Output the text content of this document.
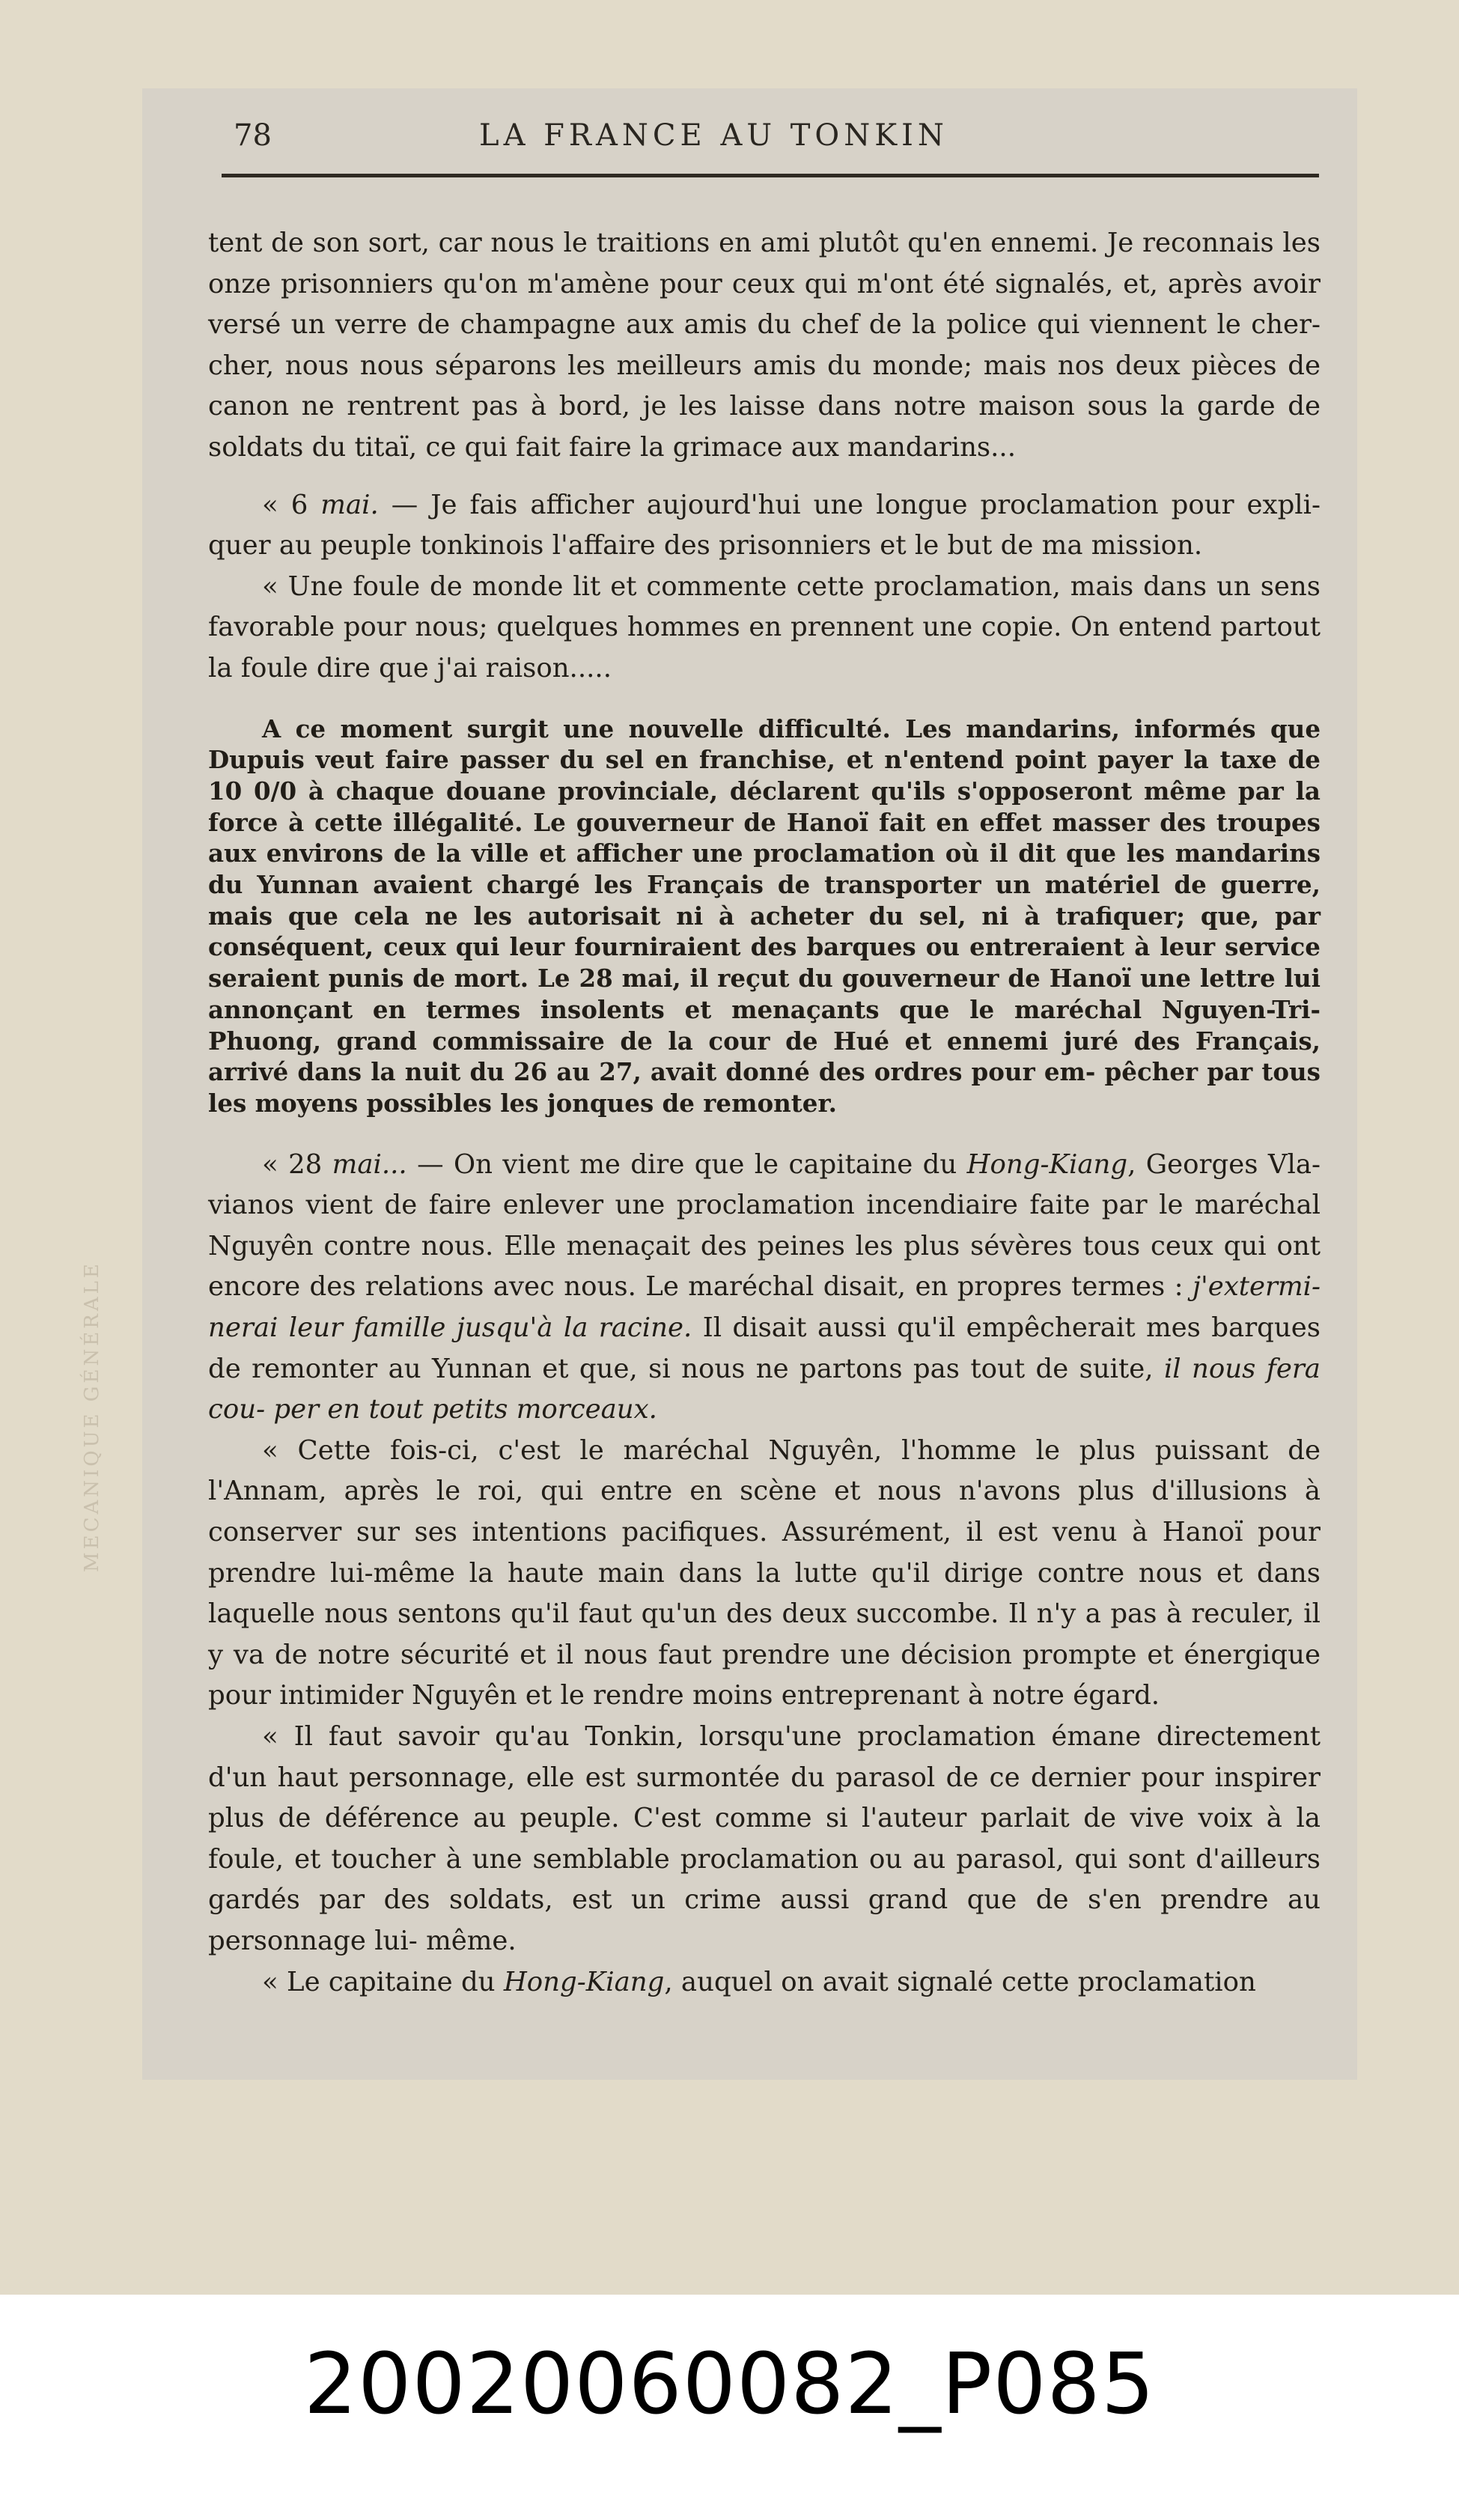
MECANIQUE GÉNÉRALE
78	LA FRANCE AU TONKIN
tent de son sort, car nous le traitions en ami plutôt qu'en ennemi. Je reconnais les onze prisonniers qu'on m'amène pour ceux qui m'ont été signalés, et, après avoir versé un verre de champagne aux amis du chef de la police qui viennent le cher- cher, nous nous séparons les meilleurs amis du monde; mais nos deux pièces de canon ne rentrent pas à bord, je les laisse dans notre maison sous la garde de soldats du titaï, ce qui fait faire la grimace aux mandarins...
« 6 mai. — Je fais afficher aujourd'hui une longue proclamation pour expli- quer au peuple tonkinois l'affaire des prisonniers et le but de ma mission.
« Une foule de monde lit et commente cette proclamation, mais dans un sens favorable pour nous; quelques hommes en prennent une copie. On entend partout la foule dire que j'ai raison.....
A ce moment surgit une nouvelle difficulté. Les mandarins, informés que Dupuis veut faire passer du sel en franchise, et n'entend point payer la taxe de 10 0/0 à chaque douane provinciale, déclarent qu'ils s'opposeront même par la force à cette illégalité. Le gouverneur de Hanoï fait en effet masser des troupes aux environs de la ville et afficher une proclamation où il dit que les mandarins du Yunnan avaient chargé les Français de transporter un matériel de guerre, mais que cela ne les autorisait ni à acheter du sel, ni à trafiquer; que, par conséquent, ceux qui leur fourniraient des barques ou entreraient à leur service seraient punis de mort. Le 28 mai, il reçut du gouverneur de Hanoï une lettre lui annonçant en termes insolents et menaçants que le maréchal Nguyen-Tri-Phuong, grand commissaire de la cour de Hué et ennemi juré des Français, arrivé dans la nuit du 26 au 27, avait donné des ordres pour em- pêcher par tous les moyens possibles les jonques de remonter.
« 28 mai... — On vient me dire que le capitaine du Hong-Kiang, Georges Vla- vianos vient de faire enlever une proclamation incendiaire faite par le maréchal Nguyên contre nous. Elle menaçait des peines les plus sévères tous ceux qui ont encore des relations avec nous. Le maréchal disait, en propres termes : j'extermi- nerai leur famille jusqu'à la racine. Il disait aussi qu'il empêcherait mes barques de remonter au Yunnan et que, si nous ne partons pas tout de suite, il nous fera cou- per en tout petits morceaux.
« Cette fois-ci, c'est le maréchal Nguyên, l'homme le plus puissant de l'Annam, après le roi, qui entre en scène et nous n'avons plus d'illusions à conserver sur ses intentions pacifiques. Assurément, il est venu à Hanoï pour prendre lui-même la haute main dans la lutte qu'il dirige contre nous et dans laquelle nous sentons qu'il faut qu'un des deux succombe. Il n'y a pas à reculer, il y va de notre sécurité et il nous faut prendre une décision prompte et énergique pour intimider Nguyên et le rendre moins entreprenant à notre égard.
« Il faut savoir qu'au Tonkin, lorsqu'une proclamation émane directement d'un haut personnage, elle est surmontée du parasol de ce dernier pour inspirer plus de déférence au peuple. C'est comme si l'auteur parlait de vive voix à la foule, et toucher à une semblable proclamation ou au parasol, qui sont d'ailleurs gardés par des soldats, est un crime aussi grand que de s'en prendre au personnage lui- même.
« Le capitaine du Hong-Kiang, auquel on avait signalé cette proclamation
20020060082_P085
